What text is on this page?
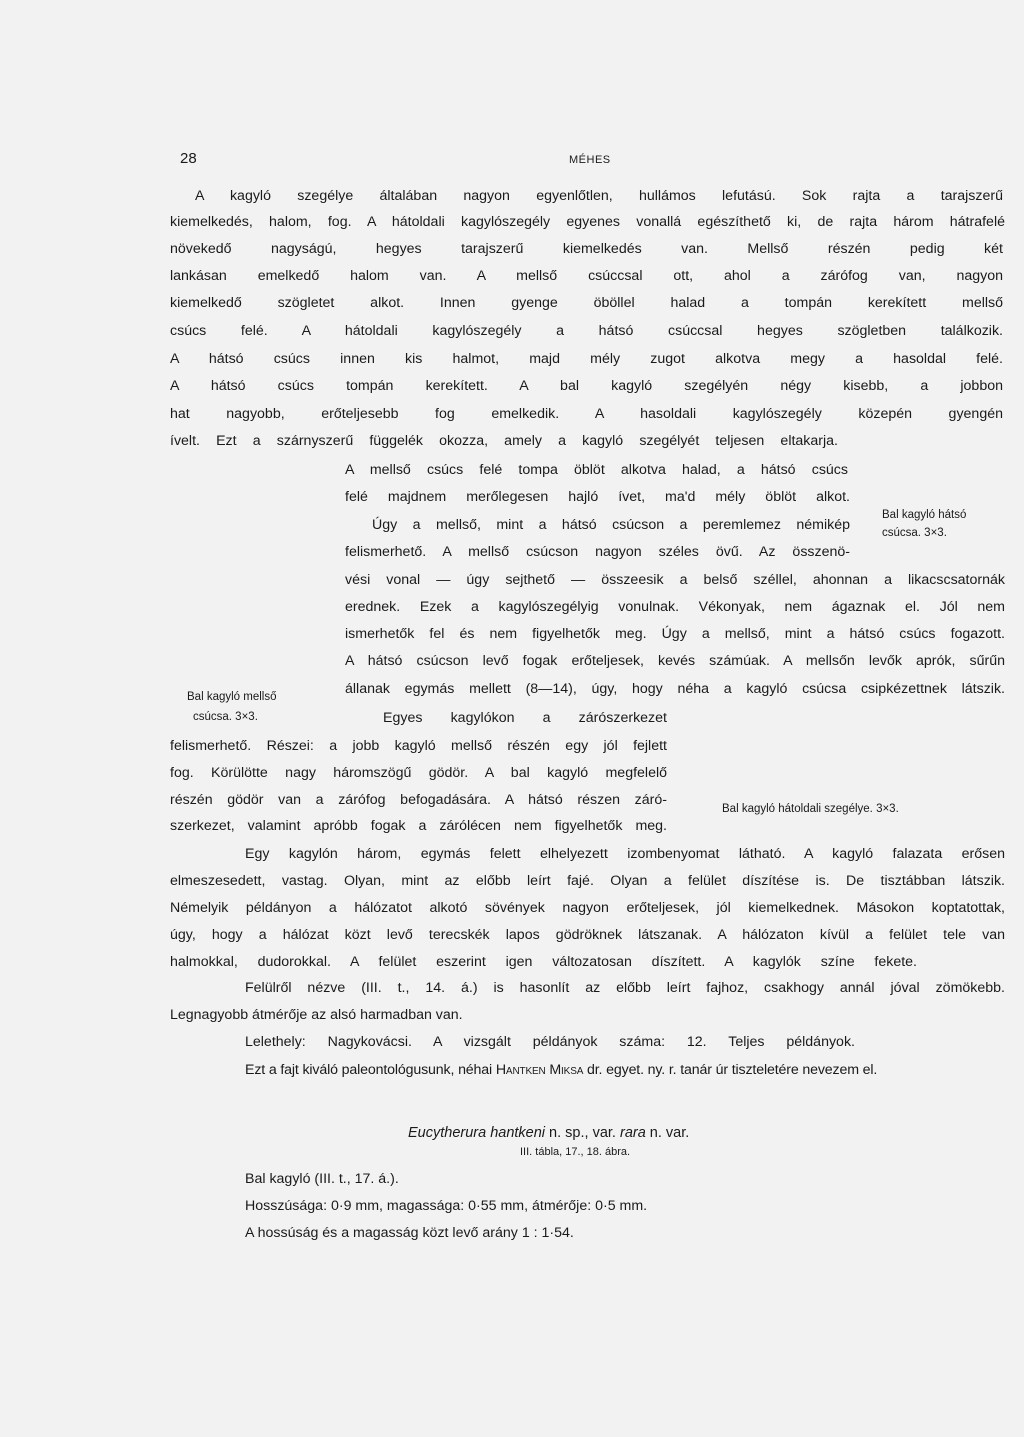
28	MÉHES
A kagyló szegélye általában nagyon egyenlőtlen, hullámos lefutású. Sok rajta a tarajszerű
kiemelkedés, halom, fog. A hátoldali kagylószegély egyenes vonallá egészíthető ki, de rajta három hátrafelé
növekedő nagyságú, hegyes tarajszerű kiemelkedés van. Mellső részén pedig két
lankásan emelkedő halom van. A mellső csúccsal ott, ahol a zárófog van, nagyon
kiemelkedő szögletet alkot. Innen gyenge öböllel halad a tompán kerekített mellső
csúcs felé. A hátoldali kagylószegély a hátsó csúccsal hegyes szögletben találkozik.
A hátsó csúcs innen kis halmot, majd mély zugot alkotva megy a hasoldal felé.
A hátsó csúcs tompán kerekített. A bal kagyló szegélyén négy kisebb, a jobbon
hat nagyobb, erőteljesebb fog emelkedik. A hasoldali kagylószegély közepén gyengén
ívelt. Ezt a szárnyszerű függelék okozza, amely a kagyló szegélyét teljesen eltakarja.
A mellső csúcs felé tompa öblöt alkotva halad, a hátsó csúcs
felé majdnem merőlegesen hajló ívet, ma'd mély öblöt alkot.
Úgy a mellső, mint a hátsó csúcson a peremlemez némikép
felismerhető. A mellső csúcson nagyon széles övű. Az összenö-
vési vonal — úgy sejthető — összeesik a belső széllel, ahonnan a likacscsatornák
erednek. Ezek a kagylószegélyig vonulnak. Vékonyak, nem ágaznak el. Jól nem
ismerhetők fel és nem figyelhetők meg. Úgy a mellső, mint a hátsó csúcs fogazott.
A hátsó csúcson levő fogak erőteljesek, kevés számúak. A mellsőn levők aprók, sűrűn
állanak egymás mellett (8—14), úgy, hogy néha a kagyló csúcsa csipkézettnek látszik.
Egyes kagylókon a zárószerkezet
felismerhető. Részei: a jobb kagyló mellső részén egy jól fejlett
fog. Körülötte nagy háromszögű gödör. A bal kagyló megfelelő
részén gödör van a zárófog befogadására. A hátsó részen záró-
szerkezet, valamint apróbb fogak a zárólécen nem figyelhetők meg.
Bal kagyló hátsó
csúcsa. 3×3.
Bal kagyló mellső
csúcsa. 3×3.
Bal kagyló hátoldali szegélye. 3×3.
Egy kagylón három, egymás felett elhelyezett izombenyomat látható. A kagyló falazata erősen
elmeszesedett, vastag. Olyan, mint az előbb leírt fajé. Olyan a felület díszítése is. De tisztábban látszik.
Némelyik példányon a hálózatot alkotó sövények nagyon erőteljesek, jól kiemelkednek. Másokon koptatottak,
úgy, hogy a hálózat közt levő terecskék lapos gödröknek látszanak. A hálózaton kívül a felület tele van
halmokkal, dudorokkal. A felület eszerint igen változatosan díszített. A kagylók színe fekete.
Felülről nézve (III. t., 14. á.) is hasonlít az előbb leírt fajhoz, csakhogy annál jóval zömökebb.
Legnagyobb átmérője az alsó harmadban van.
Lelethely: Nagykovácsi. A vizsgált példányok száma: 12. Teljes példányok.
Ezt a fajt kiváló paleontológusunk, néhai Hantken Miksa dr. egyet. ny. r. tanár úr tiszteletére nevezem el.
Eucytherura hantkeni n. sp., var. rara n. var.
III. tábla, 17., 18. ábra.
Bal kagyló (III. t., 17. á.).
Hosszúsága: 0·9 mm, magassága: 0·55 mm, átmérője: 0·5 mm.
A hossúság és a magasság közt levő arány 1 : 1·54.
